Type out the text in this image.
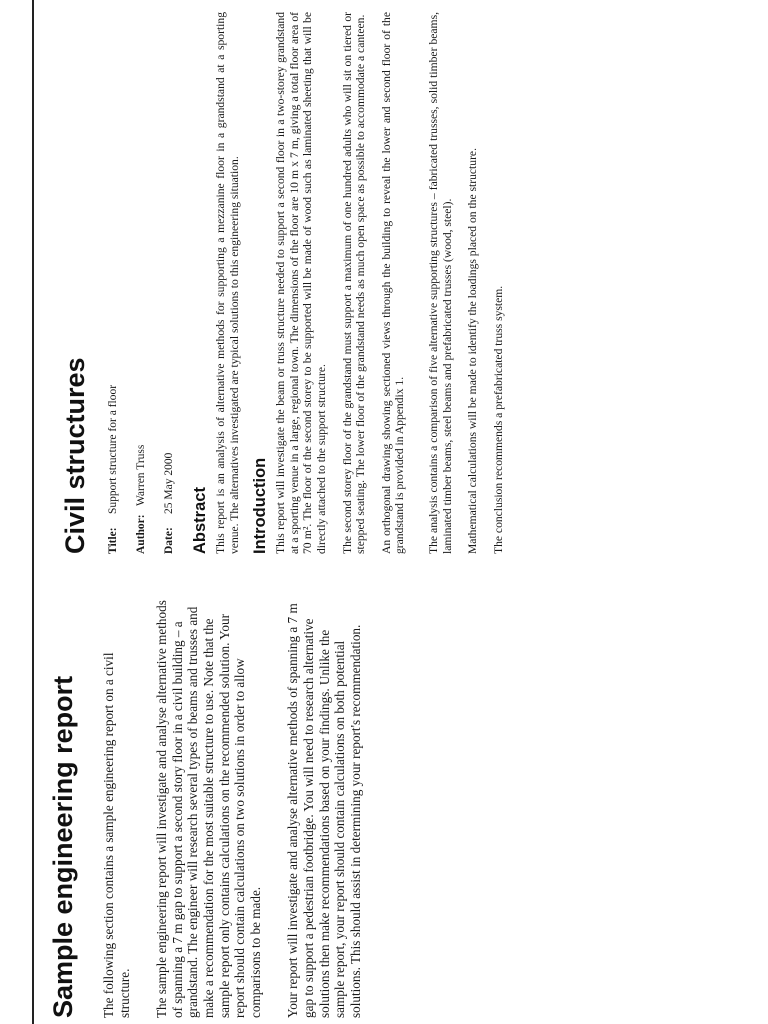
Sample engineering report The following section contains a sample engineering report on a civil structure. The sample engineering report will investigate and analyse alternative methods of spanning a 7 m gap to support a second story floor in a civil building – a grandstand. The engineer will research several types of beams and trusses and make a recommendation for the most suitable structure to use. Note that the sample report only contains calculations on the recommended solution. Your report should contain calculations on two solutions in order to allow comparisons to be made. Your report will investigate and analyse alternative methods of spanning a 7 m gap to support a pedestrian footbridge. You will need to research alternative solutions then make recommendations based on your findings. Unlike the sample report, your report should contain calculations on both potential solutions. This should assist in determining your report's recommendation.

Civil structures Title:
Support structure for a floor
Author:
Warren Truss
Date:
25 May 2000
Abstract This report is an analysis of alternative methods for supporting a mezzanine floor in a grandstand at a sporting venue. The alternatives investigated are typical solutions to this engineering situation. Introduction This report will investigate the beam or truss structure needed to support a second floor in a two-storey grandstand at a sporting venue in a large, regional town. The dimensions of the floor are 10 m x 7 m, giving a total floor area of 70 m². The floor of the second storey to be supported will be made of wood such as laminated sheeting that will be directly attached to the support structure. The second storey floor of the grandstand must support a maximum of one hundred adults who will sit on tiered or stepped seating. The lower floor of the grandstand needs as much open space as possible to accommodate a canteen. An orthogonal drawing showing sectioned views through the building to reveal the lower and second floor of the grandstand is provided in Appendix 1. The analysis contains a comparison of five alternative supporting structures – fabricated trusses, solid timber beams, laminated timber beams, steel beams and prefabricated trusses (wood, steel). Mathematical calculations will be made to identify the loadings placed on the structure. The conclusion recommends a prefabricated truss system.
